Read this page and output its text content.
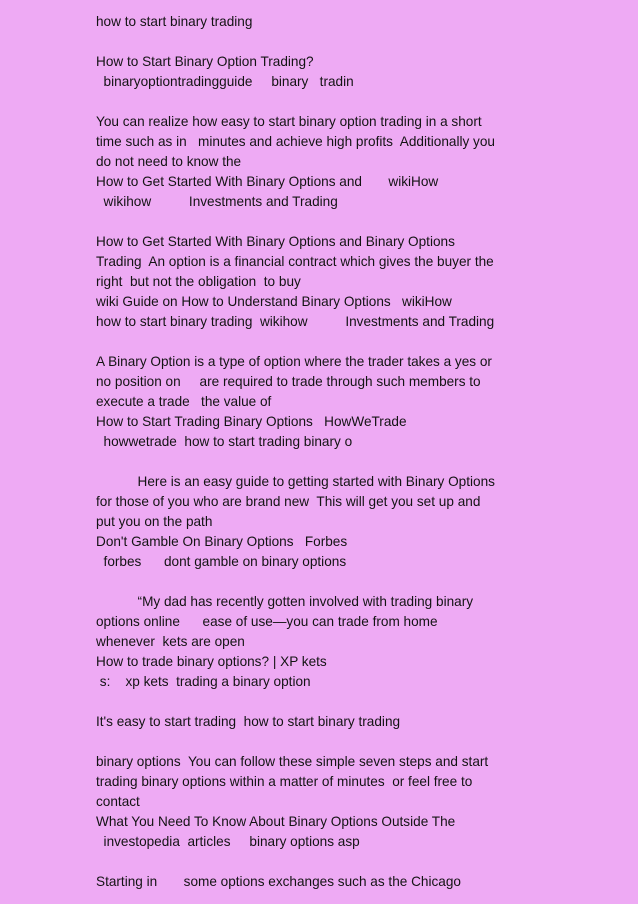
how to start binary trading
How to Start Binary Option Trading?
binaryoptiontradingguide     binary   tradin
You can realize how easy to start binary option trading in a short
time such as in   minutes and achieve high profits  Additionally you
do not need to know the
How to Get Started With Binary Options and       wikiHow
wikihow          Investments and Trading
How to Get Started With Binary Options and Binary Options
Trading  An option is a financial contract which gives the buyer the
right  but not the obligation  to buy
wiki Guide on How to Understand Binary Options   wikiHow
how to start binary trading  wikihow          Investments and Trading
A Binary Option is a type of option where the trader takes a yes or
no position on     are required to trade through such members to
execute a trade   the value of
How to Start Trading Binary Options   HowWeTrade
howwetrade  how to start trading binary o
Here is an easy guide to getting started with Binary Options
for those of you who are brand new  This will get you set up and
put you on the path
Don't Gamble On Binary Options   Forbes
forbes      dont gamble on binary options
“My dad has recently gotten involved with trading binary
options online      ease of use—you can trade from home
whenever  kets are open
How to trade binary options? | XP kets
s:    xp kets  trading a binary option
It's easy to start trading  how to start binary trading
binary options  You can follow these simple seven steps and start
trading binary options within a matter of minutes  or feel free to
contact
What You Need To Know About Binary Options Outside The
investopedia  articles     binary options asp
Starting in       some options exchanges such as the Chicago
